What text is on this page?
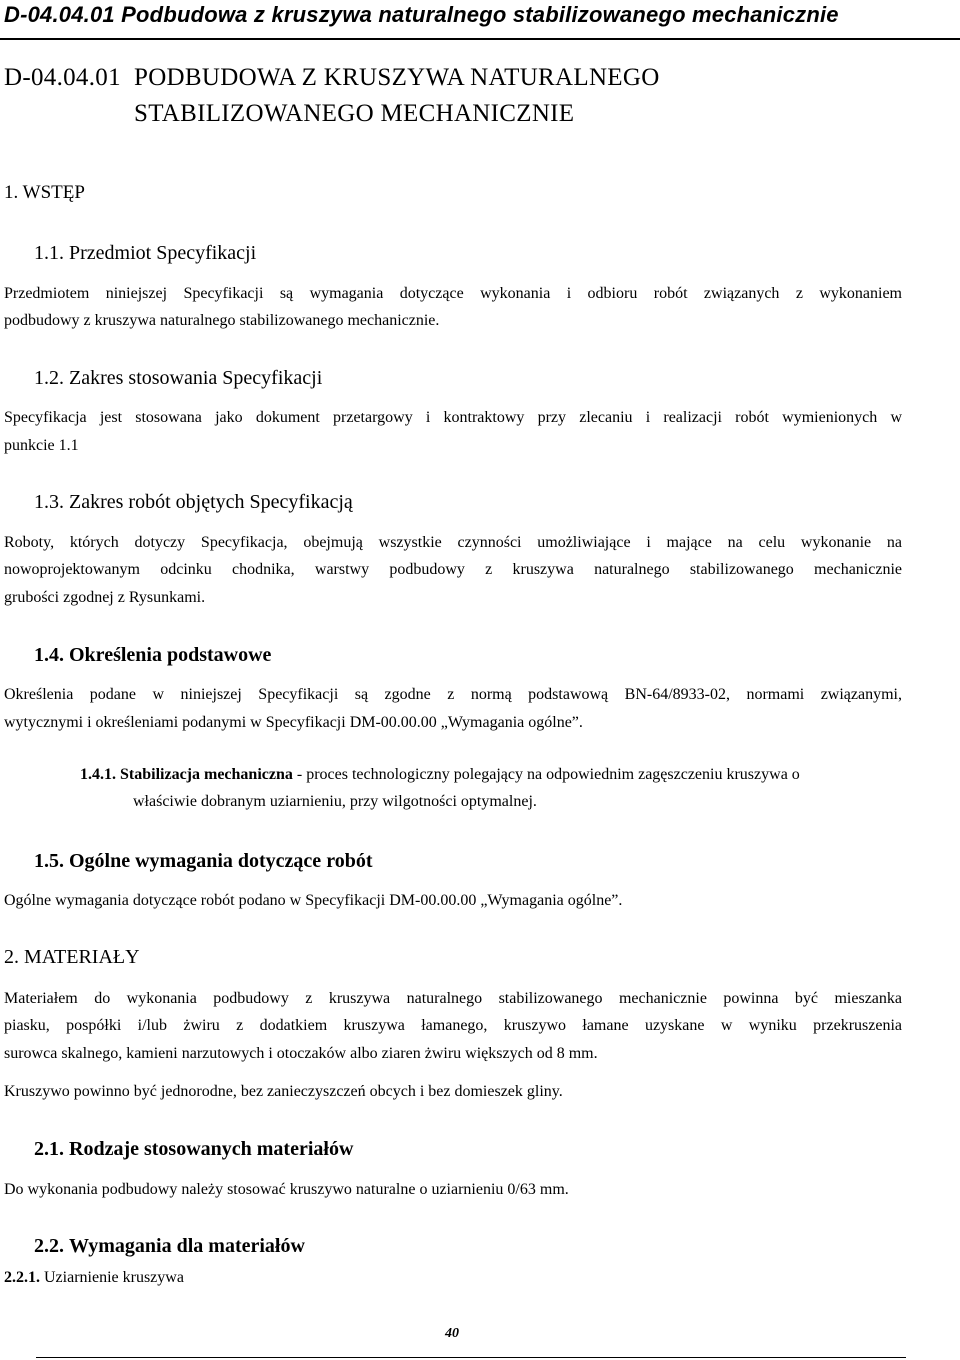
D-04.04.01 Podbudowa z kruszywa naturalnego stabilizowanego mechanicznie
D-04.04.01 PODBUDOWA Z KRUSZYWA NATURALNEGO
STABILIZOWANEGO MECHANICZNIE
1. WSTĘP
1.1. Przedmiot Specyfikacji
Przedmiotem niniejszej Specyfikacji są wymagania dotyczące wykonania i odbioru robót związanych z wykonaniem
podbudowy z kruszywa naturalnego stabilizowanego mechanicznie.
1.2. Zakres stosowania Specyfikacji
Specyfikacja jest stosowana jako dokument przetargowy i kontraktowy przy zlecaniu i realizacji robót wymienionych w
punkcie 1.1
1.3. Zakres robót objętych Specyfikacją
Roboty, których dotyczy Specyfikacja, obejmują wszystkie czynności umożliwiające i mające na celu wykonanie na
nowoprojektowanym odcinku chodnika, warstwy podbudowy z kruszywa naturalnego stabilizowanego mechanicznie
grubości zgodnej z Rysunkami.
1.4. Określenia podstawowe
Określenia podane w niniejszej Specyfikacji są zgodne z normą podstawową BN-64/8933-02, normami związanymi,
wytycznymi i określeniami podanymi w Specyfikacji DM-00.00.00 „Wymagania ogólne”.
1.4.1. Stabilizacja mechaniczna - proces technologiczny polegający na odpowiednim zagęszczeniu kruszywa o
właściwie dobranym uziarnieniu, przy wilgotności optymalnej.
1.5. Ogólne wymagania dotyczące robót
Ogólne wymagania dotyczące robót podano w Specyfikacji DM-00.00.00 „Wymagania ogólne”.
2. MATERIAŁY
Materiałem do wykonania podbudowy z kruszywa naturalnego stabilizowanego mechanicznie powinna być mieszanka
piasku, pospółki i/lub żwiru z dodatkiem kruszywa łamanego, kruszywo łamane uzyskane w wyniku przekruszenia
surowca skalnego, kamieni narzutowych i otoczaków albo ziaren żwiru większych od 8 mm.
Kruszywo powinno być jednorodne, bez zanieczyszczeń obcych i bez domieszek gliny.
2.1. Rodzaje stosowanych materiałów
Do wykonania podbudowy należy stosować kruszywo naturalne o uziarnieniu 0/63 mm.
2.2. Wymagania dla materiałów
2.2.1. Uziarnienie kruszywa
40
